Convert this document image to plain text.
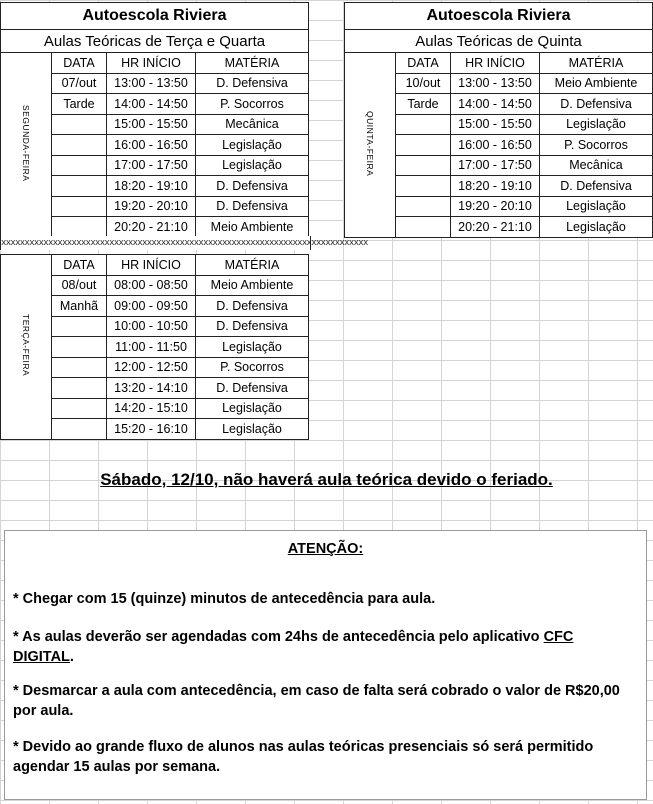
Autoescola Riviera			
Aulas Teóricas de Terça e Quarta			
SEGUNDA-FEIRA	DATA	HR INÍCIO	MATÉRIA
	07/out	13:00 - 13:50	D. Defensiva
	Tarde	14:00 - 14:50	P. Socorros
		15:00 - 15:50	Mecânica
		16:00 - 16:50	Legislação
		17:00 - 17:50	Legislação
		18:20 - 19:10	D. Defensiva
		19:20 - 20:10	D. Defensiva
		20:20 - 21:10	Meio Ambiente
xxxxxxxxxxxxxxxxxxxxxxxxxxxxxxxxxxxxxxxxxxxxxxxxxxxxxxxxxxxxxxxxxxxxxxxxxxxxxx
TERÇA-FEIRA	DATA	HR INÍCIO	MATÉRIA
	08/out	08:00 - 08:50	Meio Ambiente
	Manhã	09:00 - 09:50	D. Defensiva
		10:00 - 10:50	D. Defensiva
		11:00 - 11:50	Legislação
		12:00 - 12:50	P. Socorros
		13:20 - 14:10	D. Defensiva
		14:20 - 15:10	Legislação
		15:20 - 16:10	Legislação
Autoescola Riviera			
Aulas Teóricas de Quinta			
QUINTA-FEIRA	DATA	HR INÍCIO	MATÉRIA
	10/out	13:00 - 13:50	Meio Ambiente
	Tarde	14:00 - 14:50	D. Defensiva
		15:00 - 15:50	Legislação
		16:00 - 16:50	P. Socorros
		17:00 - 17:50	Mecânica
		18:20 - 19:10	D. Defensiva
		19:20 - 20:10	Legislação
		20:20 - 21:10	Legislação
Sábado, 12/10, não haverá aula teórica devido o feriado.
ATENÇÃO:
* Chegar com 15 (quinze) minutos de antecedência para aula.
* As aulas deverão ser agendadas com 24hs de antecedência pelo aplicativo CFC DIGITAL.
* Desmarcar a aula com antecedência, em caso de falta será cobrado o valor de R$20,00 por aula.
* Devido ao grande fluxo de alunos nas aulas teóricas presenciais só será permitido agendar 15 aulas por semana.
